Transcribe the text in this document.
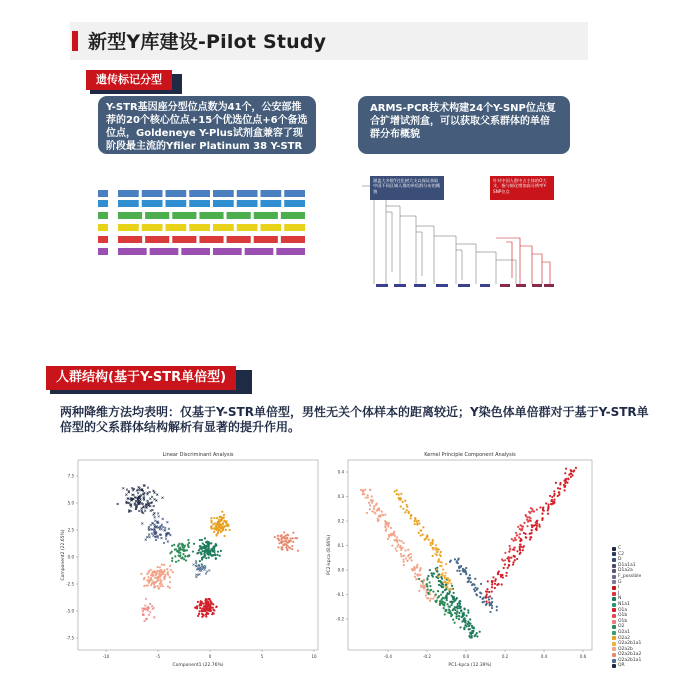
新型Y库建设-Pilot Study
遗传标记分型
Y-STR基因座分型位点数为41个，公安部推荐的20个核心位点+15个优选位点+6个备选位点，Goldeneye Y-Plus试剂盒兼容了现阶段最主流的Yfiler Platinum 38 Y-STR panel
ARMS-PCR技术构建24个Y-SNP位点复合扩增试剂盒，可以获取父系群体的单倍群分布概貌
涵盖大多数Y迁化树大支以保证获取中国不同区域人群的单倍群分布的概貌
针对中国人群中占主体的O大支，指与细化增加高分辨率Y-SNP位点
人群结构(基于Y-STR单倍型)
两种降维方法均表明：仅基于Y-STR单倍型，男性无关个体样本的距离较近；Y染色体单倍群对于基于Y-STR单倍型的父系群体结构解析有显著的提升作用。
Linear Discriminant Analysis
7.5
5.0
2.5
0.0
-2.5
-5.0
-7.5
-10	-5	0	5	10
Component1 (22.76%)
Component2 (22.65%)
Kernel Principle Component Analysis
0.4
0.3
0.2
0.1
0.0
-0.1
-0.2
-0.4	-0.2	0.0	0.2	0.4	0.6
PC1-kpca (12.39%)
PC2-kpca (8.66%)	C
C2
D
D1a1a1
D1a2a
F_possible
G
I
J
N
N1a1
O1a
O1b
O1b
O2
O2a1
O2a2
O2a2b1a1
O2a2b
O2a2b1a2
O2a2b1a1
QR
